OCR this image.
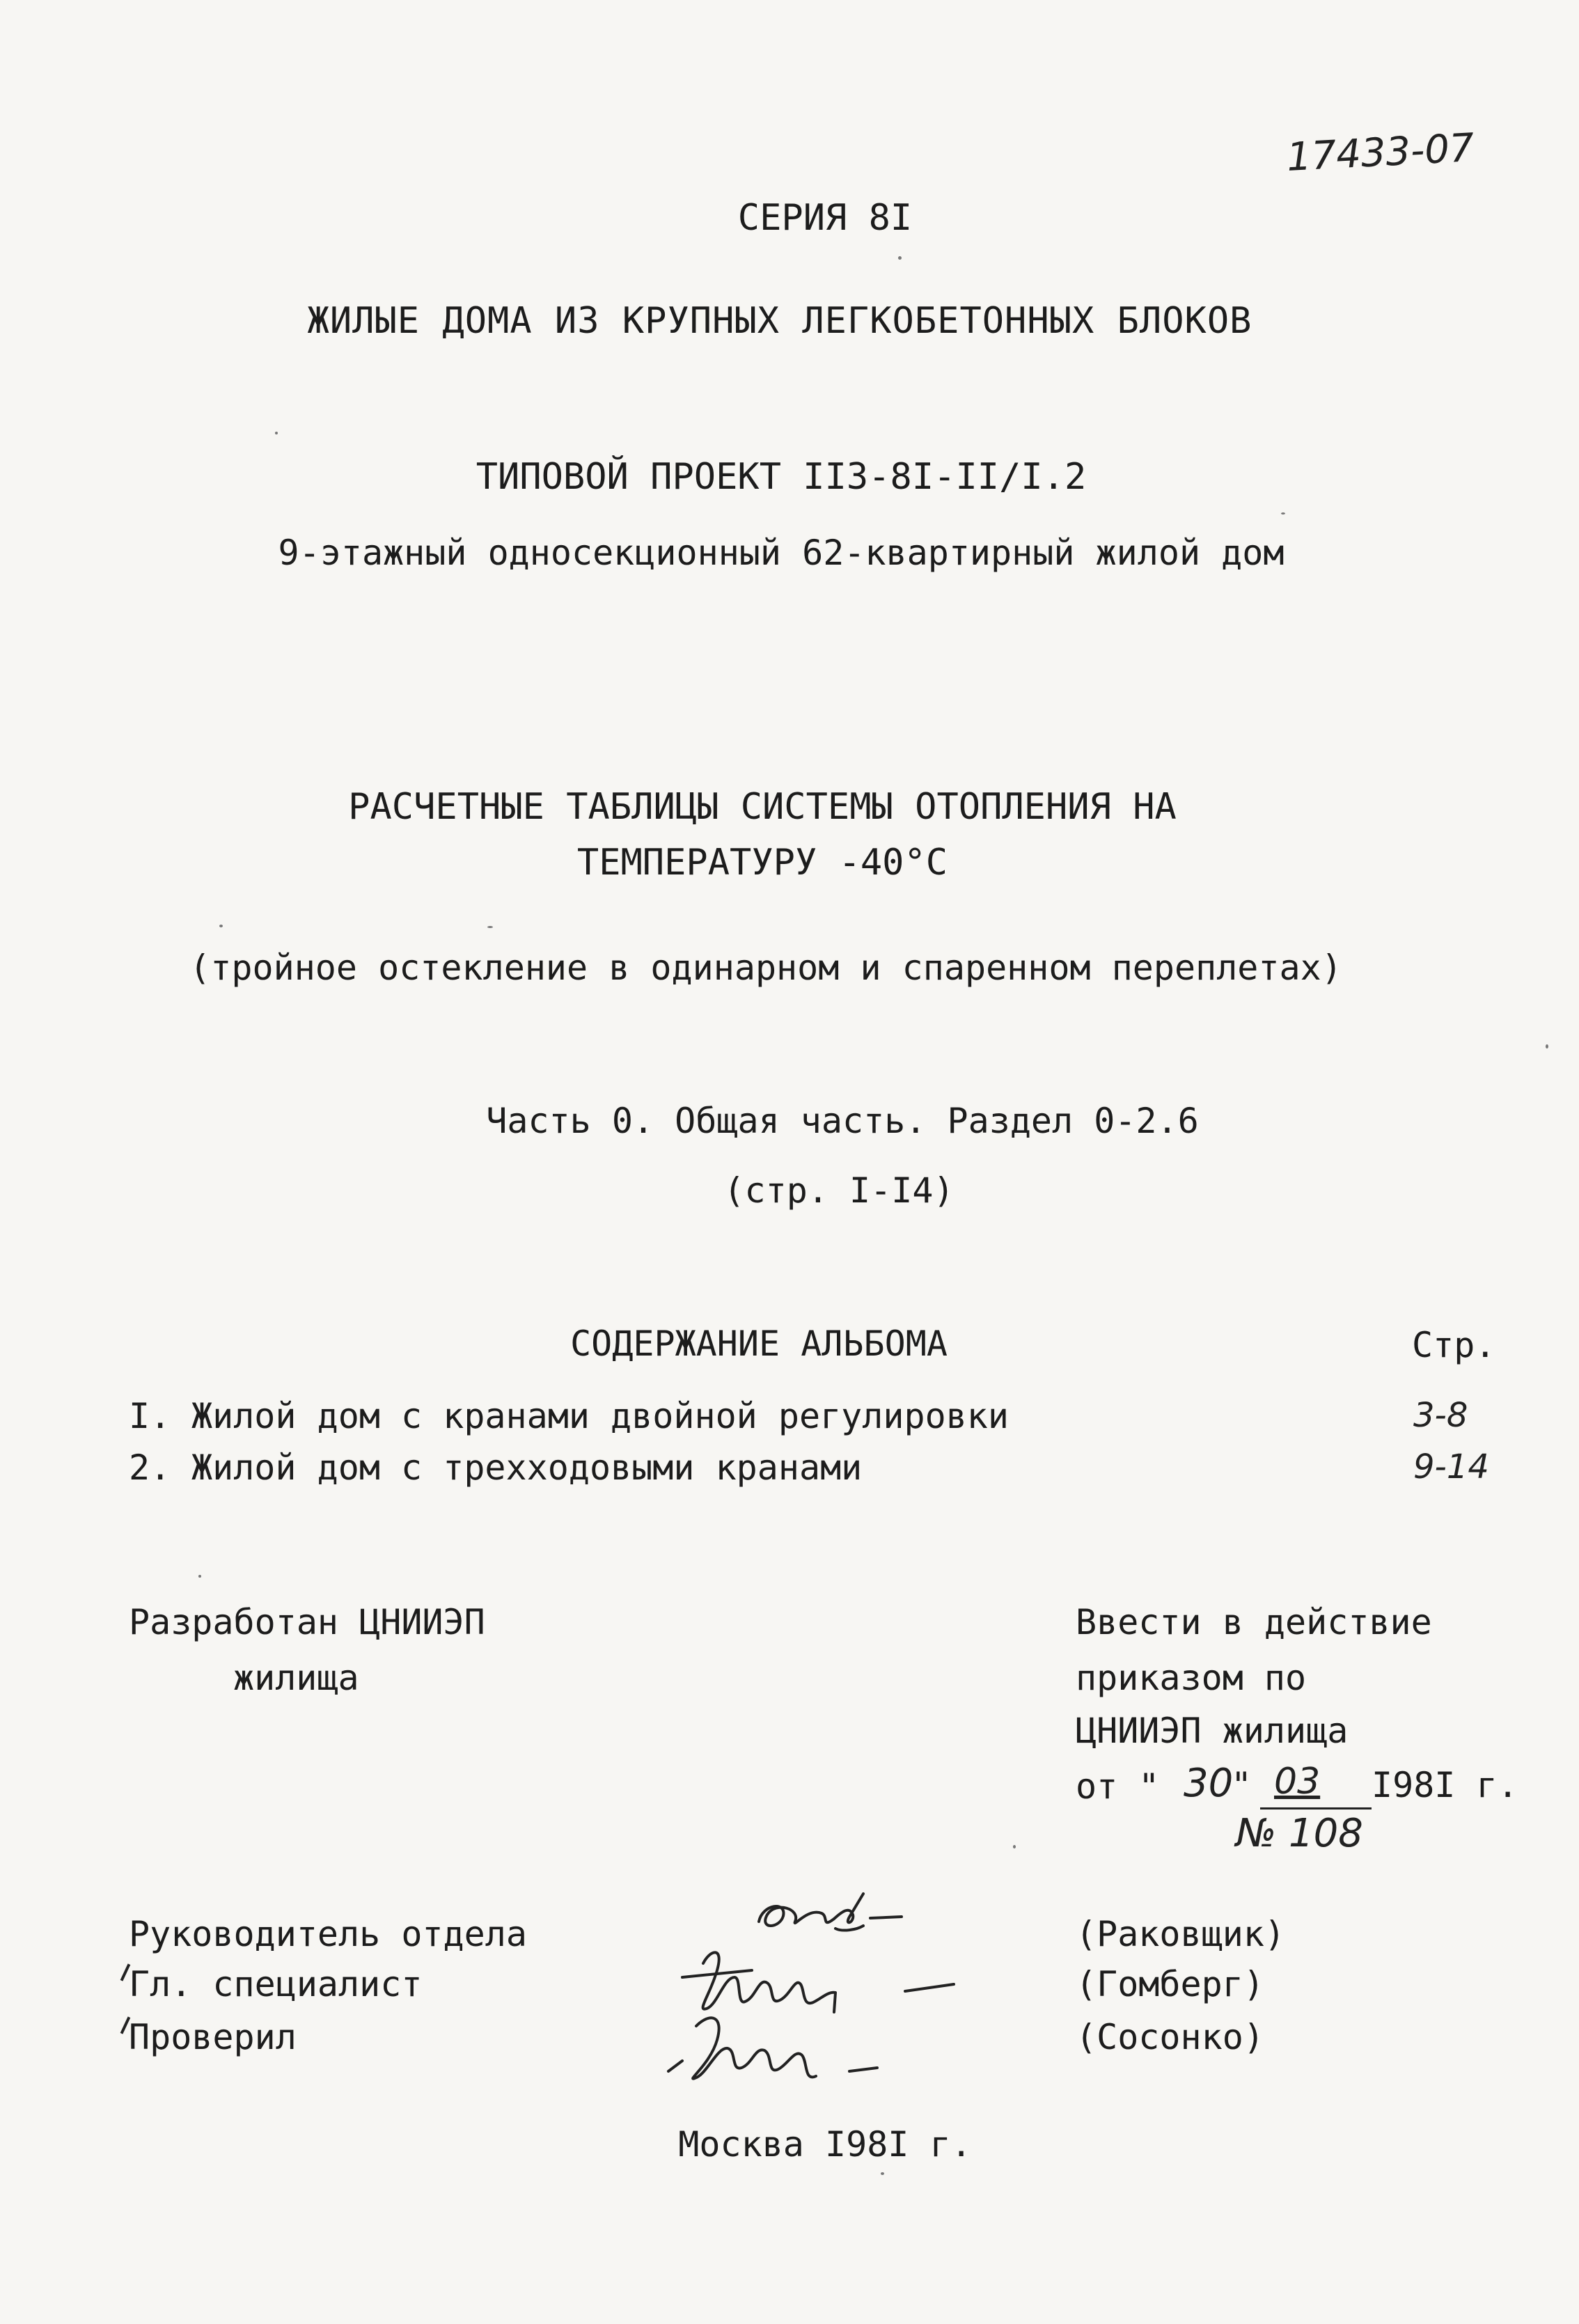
17433-07
СЕРИЯ 8I
ЖИЛЫЕ ДОМА ИЗ КРУПНЫХ ЛЕГКОБЕТОННЫХ БЛОКОВ
ТИПОВОЙ ПРОЕКТ II3-8I-II/I.2
9-этажный односекционный 62-квартирный жилой дом
РАСЧЕТНЫЕ ТАБЛИЦЫ СИСТЕМЫ ОТОПЛЕНИЯ НА
ТЕМПЕРАТУРУ -40°С
(тройное остекление в одинарном и спаренном переплетах)
Часть 0. Общая часть. Раздел 0-2.6
(стр. I-I4)
СОДЕРЖАНИЕ АЛЬБОМА	Стр.
I. Жилой дом с кранами двойной регулировки	3-8
2. Жилой дом с трехходовыми кранами	9-14
Разработан ЦНИИЭП
жилища
Ввести в действие
приказом по
ЦНИИЭП жилища
от " 30
" 03 I98I г.
№ 108
Руководитель отдела
Гл. специалист
Проверил
(Раковщик)
(Гомберг)
(Сосонко)
Москва I98I г.
